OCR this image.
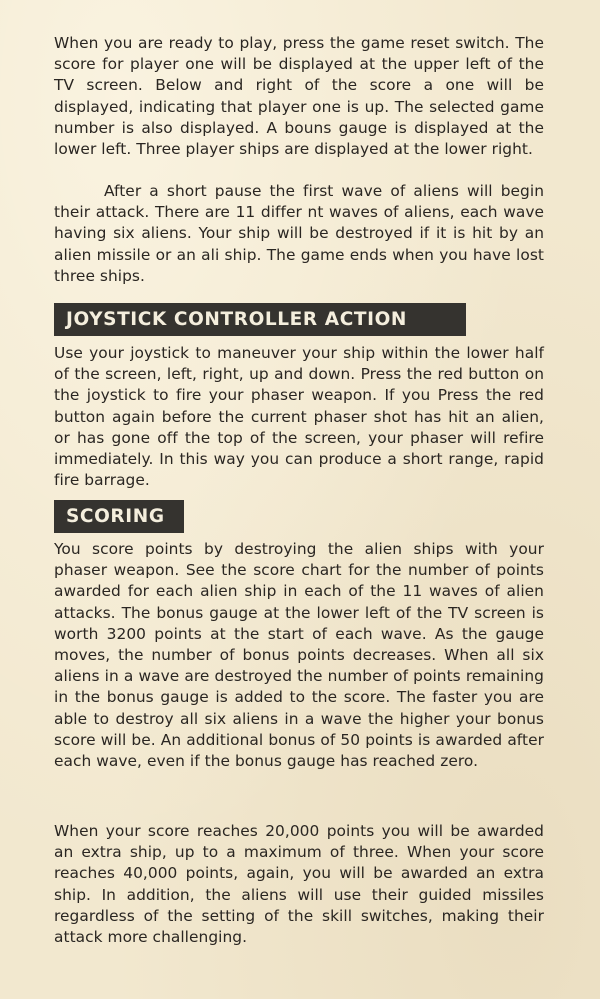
When you are ready to play, press the game reset switch. The score for player one will be displayed at the upper left of the TV screen. Below and right of the score a one will be displayed, indicating that player one is up. The selected game number is also displayed. A bouns gauge is displayed at the lower left. Three player ships are displayed at the lower right.

After a short pause the first wave of aliens will begin their attack. There are 11 differ nt waves of aliens, each wave having six aliens. Your ship will be destroyed if it is hit by an alien missile or an ali ship. The game ends when you have lost three ships.

JOYSTICK CONTROLLER ACTION

Use your joystick to maneuver your ship within the lower half of the screen, left, right, up and down. Press the red button on the joystick to fire your phaser weapon. If you Press the red button again before the current phaser shot has hit an alien, or has gone off the top of the screen, your phaser will refire immediately. In this way you can produce a short range, rapid fire barrage.

SCORING

You score points by destroying the alien ships with your phaser weapon. See the score chart for the number of points awarded for each alien ship in each of the 11 waves of alien attacks. The bonus gauge at the lower left of the TV screen is worth 3200 points at the start of each wave. As the gauge moves, the number of bonus points decreases. When all six aliens in a wave are destroyed the number of points remaining in the bonus gauge is added to the score. The faster you are able to destroy all six aliens in a wave the higher your bonus score will be. An additional bonus of 50 points is awarded after each wave, even if the bonus gauge has reached zero.

When your score reaches 20,000 points you will be awarded an extra ship, up to a maximum of three. When your score reaches 40,000 points, again, you will be awarded an extra ship. In addition, the aliens will use their guided missiles regardless of the setting of the skill switches, making their attack more challenging.
